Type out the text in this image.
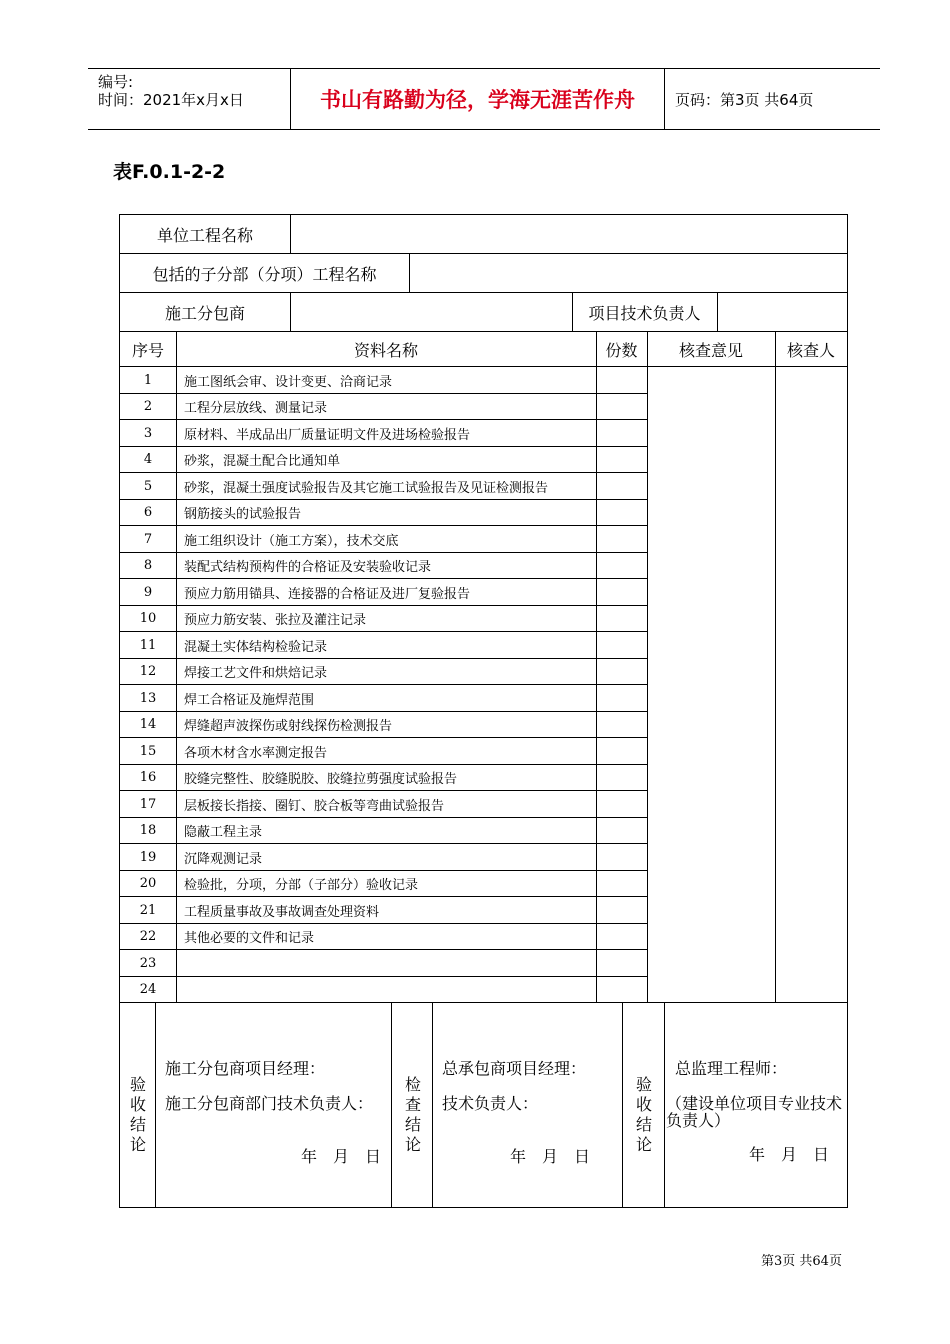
编号:
时间：2021年x月x日	书山有路勤为径，学海无涯苦作舟	页码：第3页 共64页
表F.0.1-2-2
单位工程名称
包括的子分部（分项）工程名称
施工分包商	项目技术负责人
序号	资料名称	份数	核查意见	核查人
1	施工图纸会审、设计变更、洽商记录
2	工程分层放线、测量记录
3	原材料、半成品出厂质量证明文件及进场检验报告
4	砂浆，混凝土配合比通知单
5	砂浆，混凝土强度试验报告及其它施工试验报告及见证检测报告
6	钢筋接头的试验报告
7	施工组织设计（施工方案），技术交底
8	装配式结构预构件的合格证及安装验收记录
9	预应力筋用锚具、连接器的合格证及进厂复验报告
10	预应力筋安装、张拉及灌注记录
11	混凝土实体结构检验记录
12	焊接工艺文件和烘焙记录
13	焊工合格证及施焊范围
14	焊缝超声波探伤或射线探伤检测报告
15	各项木材含水率测定报告
16	胶缝完整性、胶缝脱胶、胶缝拉剪强度试验报告
17	层板接长指接、圈钉、胶合板等弯曲试验报告
18	隐蔽工程主录
19	沉降观测记录
20	检验批，分项，分部（子部分）验收记录
21	工程质量事故及事故调查处理资料
22	其他必要的文件和记录
23
24
验收结论
施工分包商项目经理：
施工分包商部门技术负责人：
年　月　日
检查结论
总承包商项目经理：
技术负责人：
年　月　日
验收结论
总监理工程师：
（建设单位项目专业技术
负责人）
年　月　日
第3页 共64页
